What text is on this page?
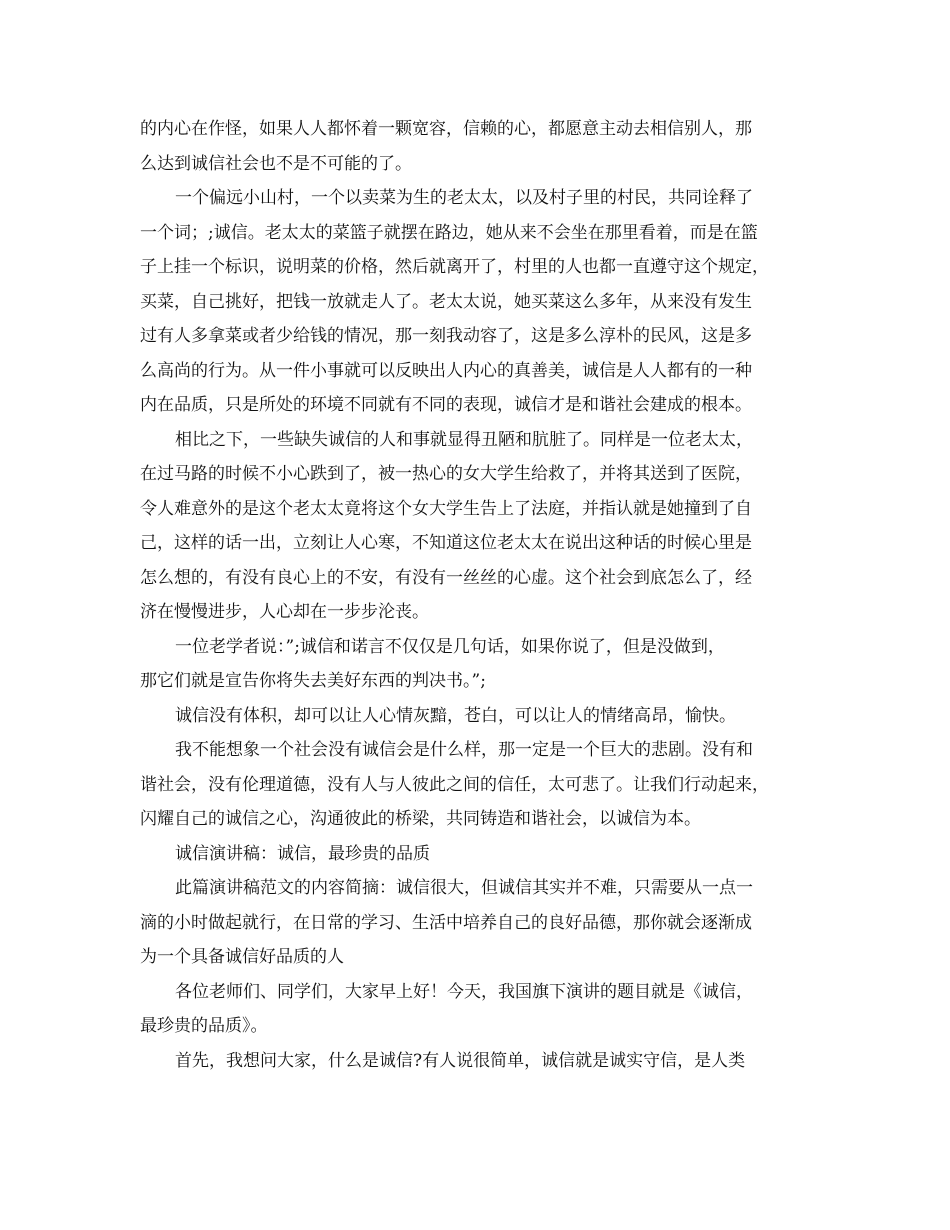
的内心在作怪，如果人人都怀着一颗宽容，信赖的心，都愿意主动去相信别人，那
么达到诚信社会也不是不可能的了。
一个偏远小山村，一个以卖菜为生的老太太，以及村子里的村民，共同诠释了
一个词；;诚信。老太太的菜篮子就摆在路边，她从来不会坐在那里看着，而是在篮
子上挂一个标识，说明菜的价格，然后就离开了，村里的人也都一直遵守这个规定，
买菜，自己挑好，把钱一放就走人了。老太太说，她买菜这么多年，从来没有发生
过有人多拿菜或者少给钱的情况，那一刻我动容了，这是多么淳朴的民风，这是多
么高尚的行为。从一件小事就可以反映出人内心的真善美，诚信是人人都有的一种
内在品质，只是所处的环境不同就有不同的表现，诚信才是和谐社会建成的根本。
相比之下，一些缺失诚信的人和事就显得丑陋和肮脏了。同样是一位老太太，
在过马路的时候不小心跌到了，被一热心的女大学生给救了，并将其送到了医院，
令人难意外的是这个老太太竟将这个女大学生告上了法庭，并指认就是她撞到了自
己，这样的话一出，立刻让人心寒，不知道这位老太太在说出这种话的时候心里是
怎么想的，有没有良心上的不安，有没有一丝丝的心虚。这个社会到底怎么了，经
济在慢慢进步，人心却在一步步沦丧。
一位老学者说：”;诚信和诺言不仅仅是几句话，如果你说了，但是没做到，
那它们就是宣告你将失去美好东西的判决书。”;
诚信没有体积，却可以让人心情灰黯，苍白，可以让人的情绪高昂，愉快。
我不能想象一个社会没有诚信会是什么样，那一定是一个巨大的悲剧。没有和
谐社会，没有伦理道德，没有人与人彼此之间的信任，太可悲了。让我们行动起来，
闪耀自己的诚信之心，沟通彼此的桥梁，共同铸造和谐社会，以诚信为本。
诚信演讲稿：诚信，最珍贵的品质
此篇演讲稿范文的内容简摘：诚信很大，但诚信其实并不难，只需要从一点一
滴的小时做起就行，在日常的学习、生活中培养自己的良好品德，那你就会逐渐成
为一个具备诚信好品质的人
各位老师们、同学们，大家早上好！今天，我国旗下演讲的题目就是《诚信，
最珍贵的品质》。
首先，我想问大家，什么是诚信?有人说很简单，诚信就是诚实守信，是人类
